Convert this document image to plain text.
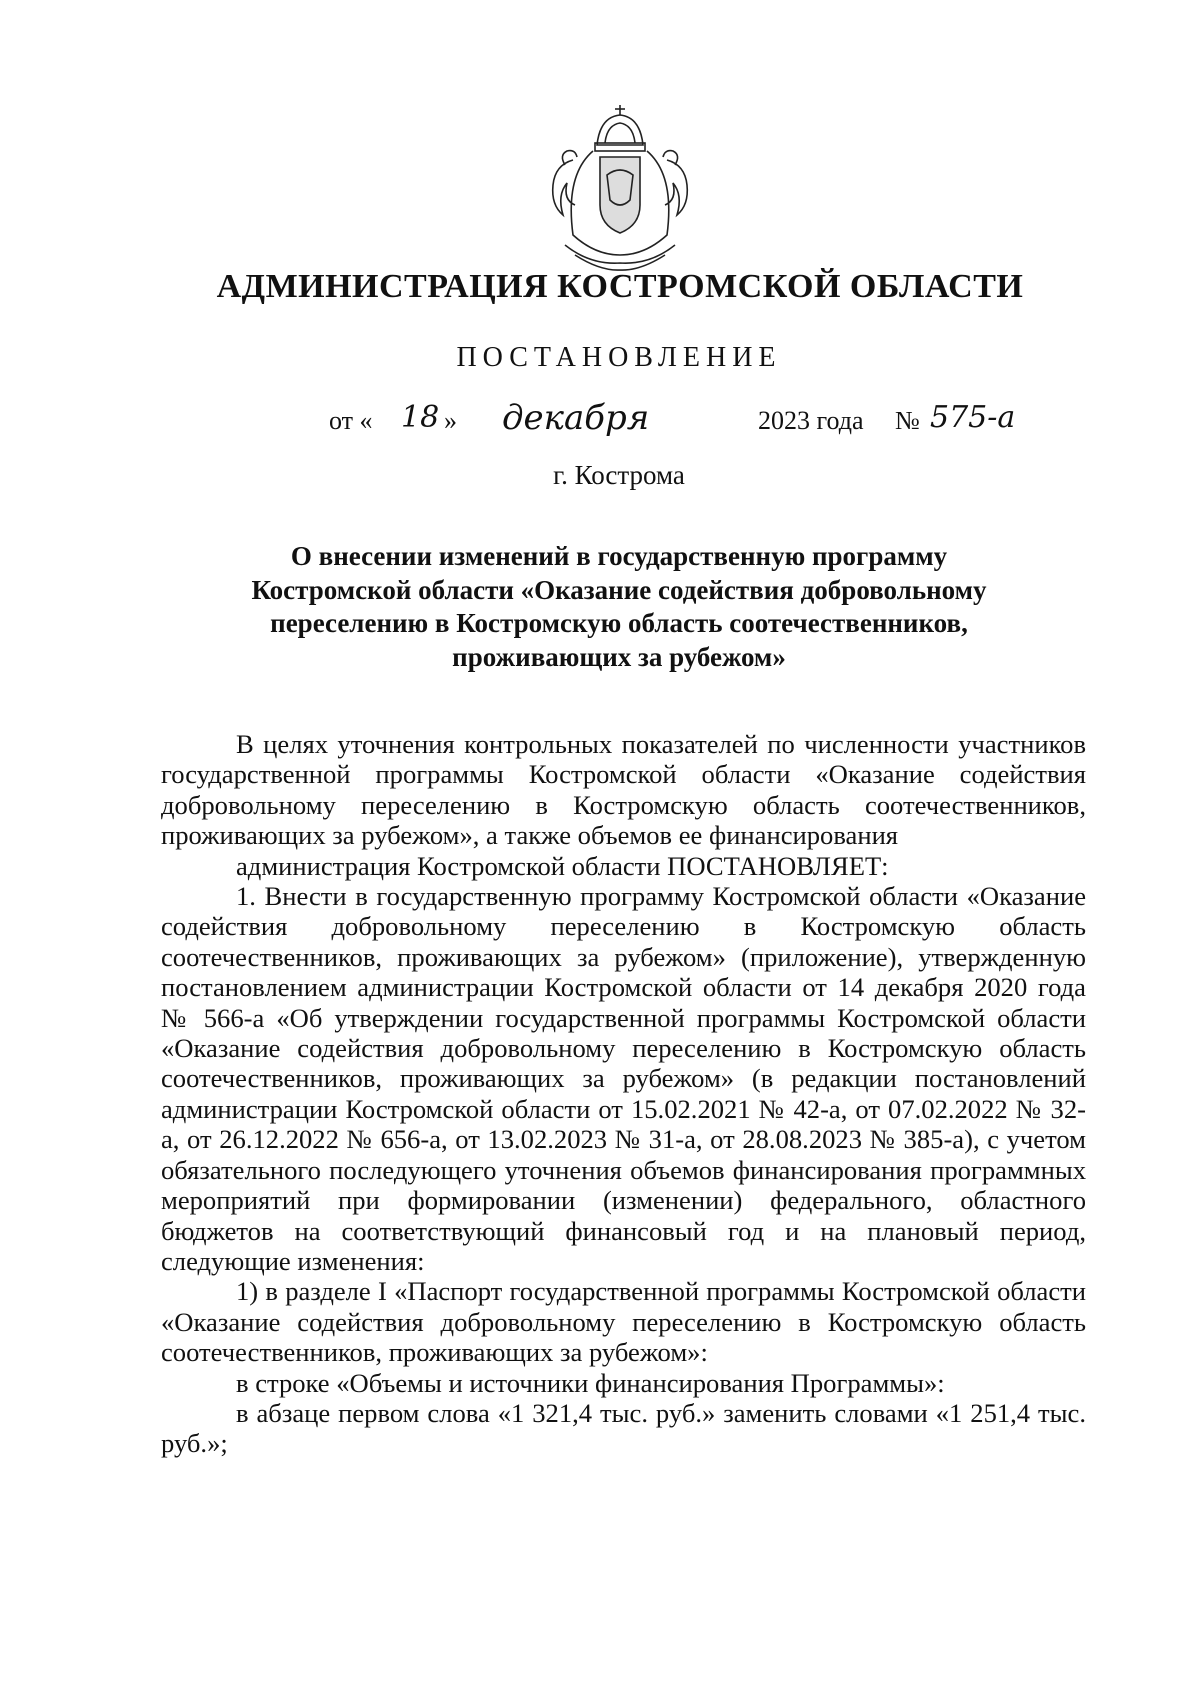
АДМИНИСТРАЦИЯ КОСТРОМСКОЙ ОБЛАСТИ
ПОСТАНОВЛЕНИЕ
от « 18 » декабря	2023 года № 575-а
г. Кострома
О внесении изменений в государственную программу
Костромской области «Оказание содействия добровольному
переселению в Костромскую область соотечественников,
проживающих за рубежом»

В целях уточнения контрольных показателей по численности участников государственной программы Костромской области «Оказание содействия добровольному переселению в Костромскую область соотечественников, проживающих за рубежом», а также объемов ее финансирования

администрация Костромской области ПОСТАНОВЛЯЕТ:

1. Внести в государственную программу Костромской области «Оказание содействия добровольному переселению в Костромскую область соотечественников, проживающих за рубежом» (приложение), утвержденную постановлением администрации Костромской области от 14 декабря 2020 года № 566-а «Об утверждении государственной программы Костромской области «Оказание содействия добровольному переселению в Костромскую область соотечественников, проживающих за рубежом» (в редакции постановлений администрации Костромской области от 15.02.2021 № 42-а, от 07.02.2022 № 32-а, от 26.12.2022 № 656-а, от 13.02.2023 № 31-а, от 28.08.2023 № 385-а), с учетом обязательного последующего уточнения объемов финансирования программных мероприятий при формировании (изменении) федерального, областного бюджетов на соответствующий финансовый год и на плановый период, следующие изменения:

1) в разделе I «Паспорт государственной программы Костромской области «Оказание содействия добровольному переселению в Костромскую область соотечественников, проживающих за рубежом»:

в строке «Объемы и источники финансирования Программы»:

в абзаце первом слова «1 321,4 тыс. руб.» заменить словами «1 251,4 тыс. руб.»;
